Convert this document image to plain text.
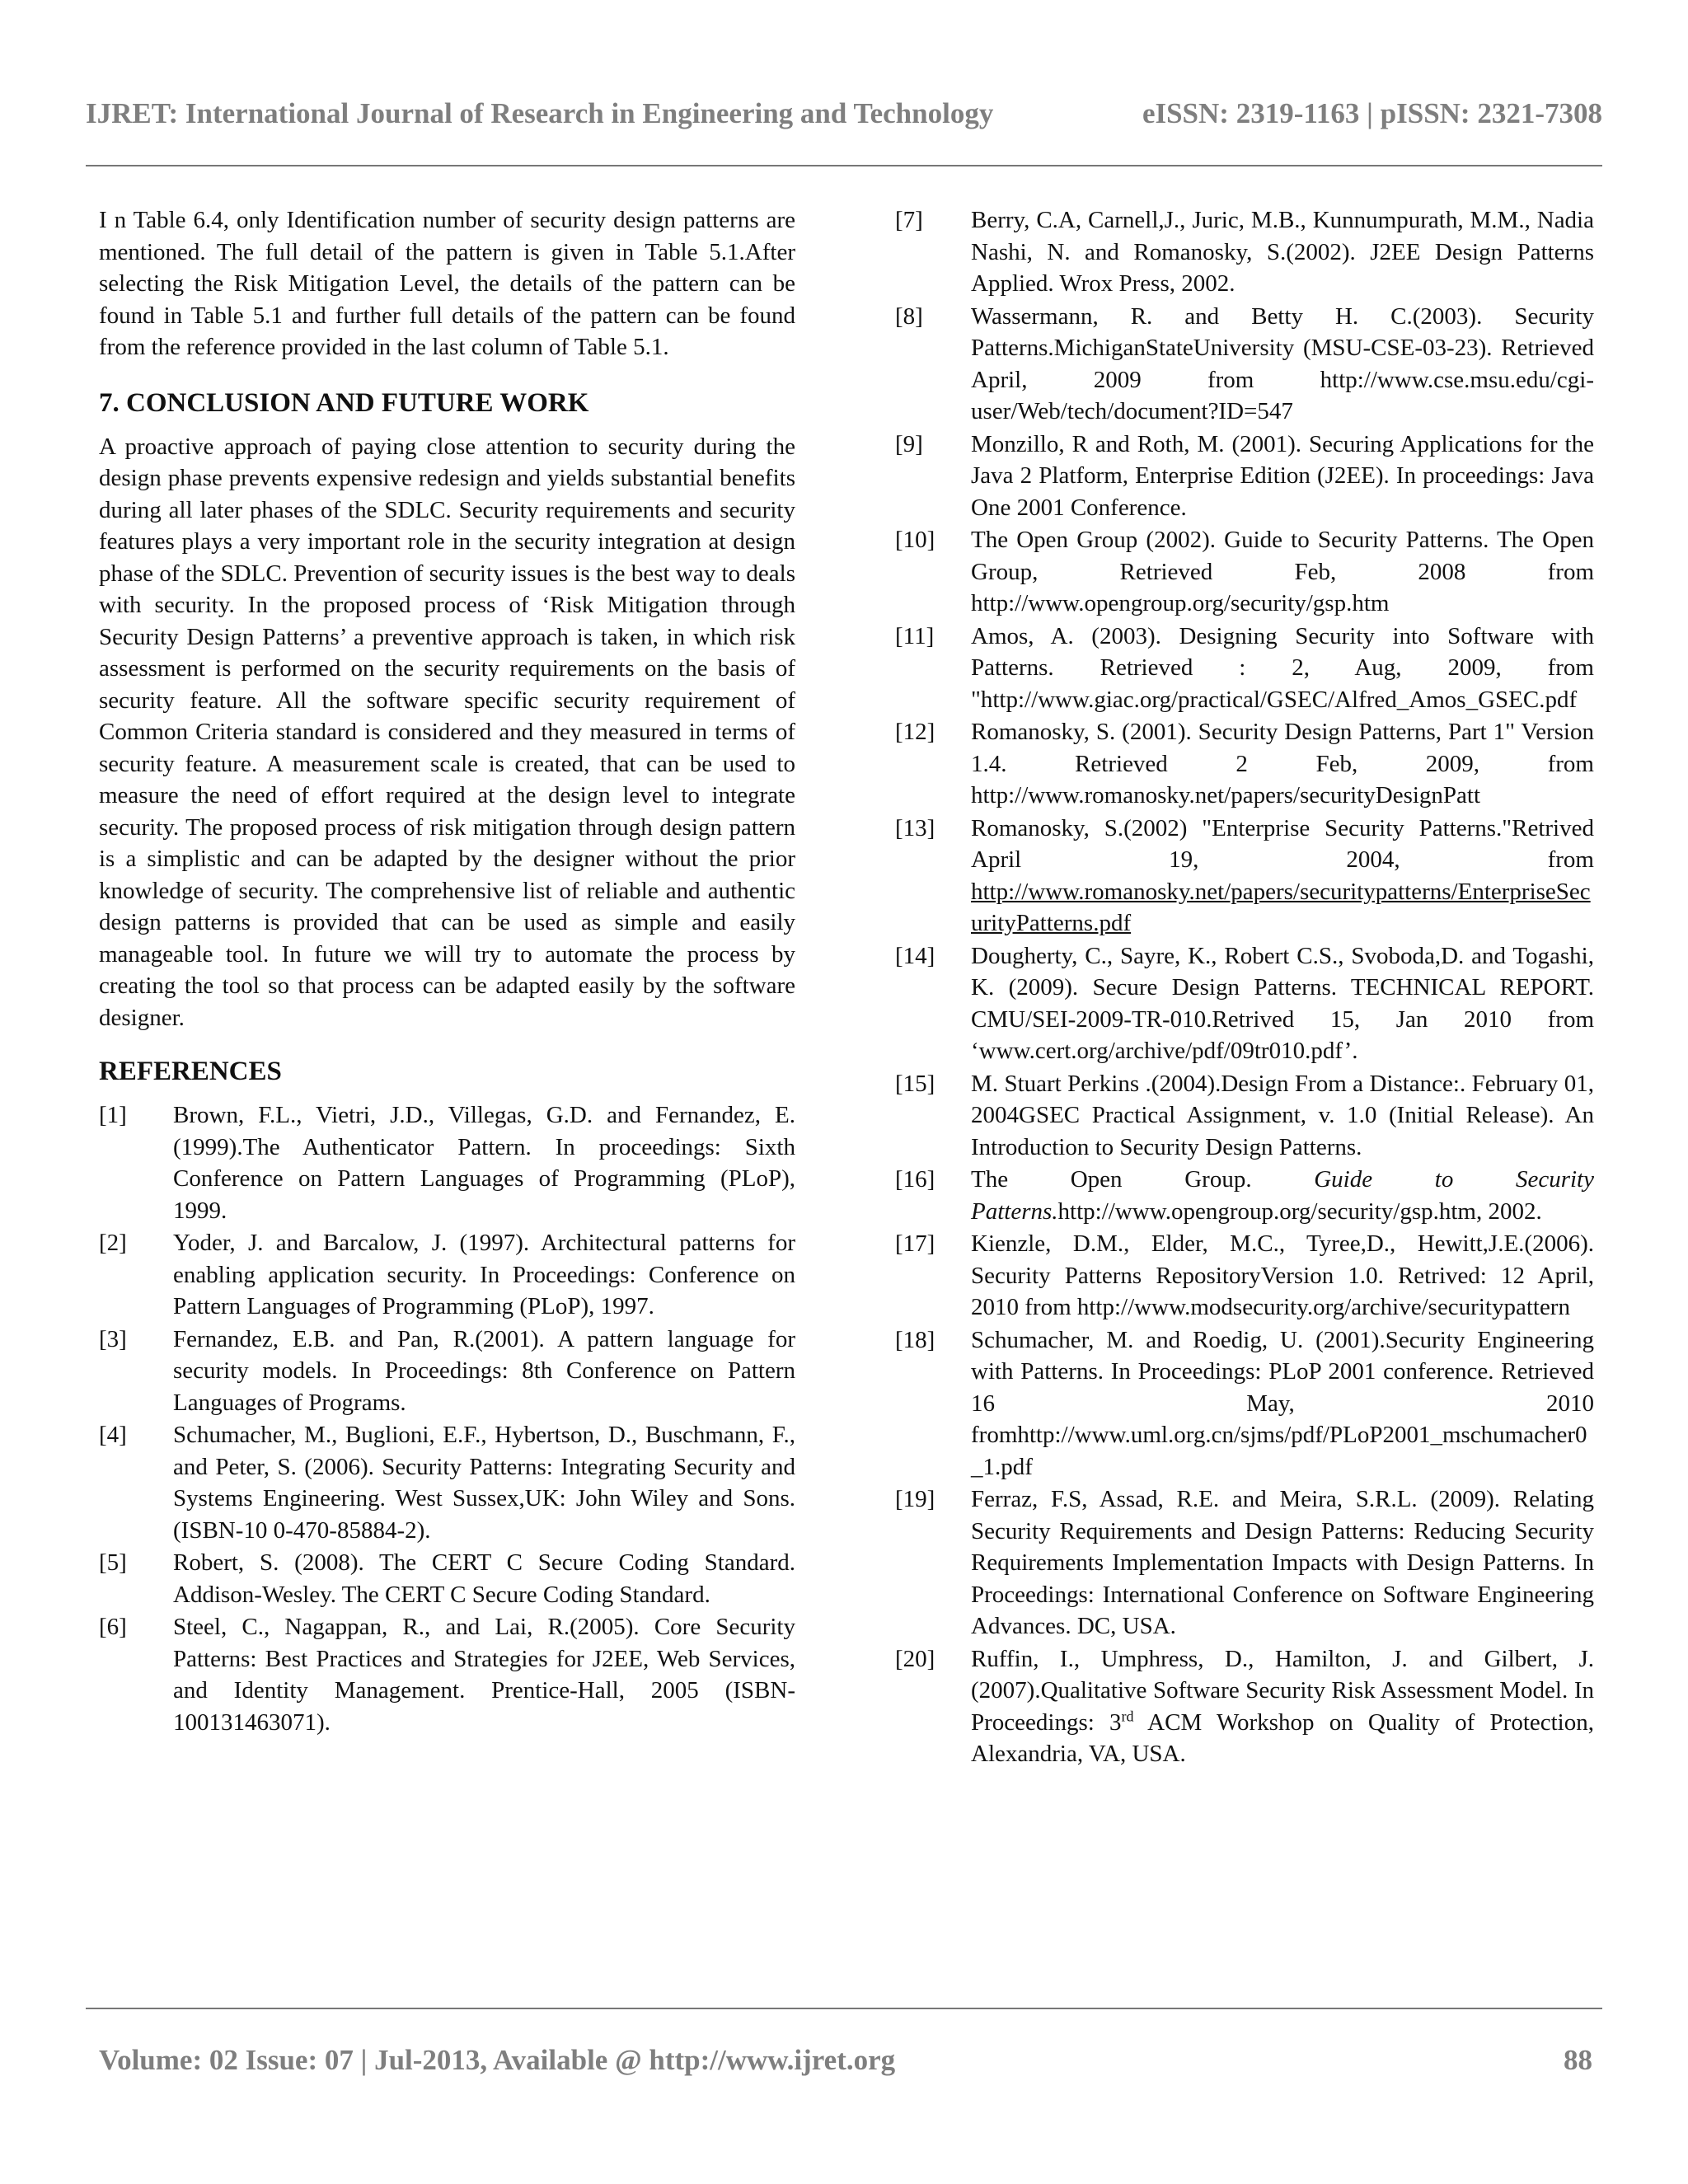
IJRET: International Journal of Research in Engineering and Technology	eISSN: 2319-1163 | pISSN: 2321-7308

I n Table 6.4, only Identification number of security design patterns are mentioned. The full detail of the pattern is given in Table 5.1.After selecting the Risk Mitigation Level, the details of the pattern can be found in Table 5.1 and further full details of the pattern can be found from the reference provided in the last column of Table 5.1.

7. CONCLUSION AND FUTURE WORK

A proactive approach of paying close attention to security during the design phase prevents expensive redesign and yields substantial benefits during all later phases of the SDLC. Security requirements and security features plays a very important role in the security integration at design phase of the SDLC. Prevention of security issues is the best way to deals with security. In the proposed process of ‘Risk Mitigation through Security Design Patterns’ a preventive approach is taken, in which risk assessment is performed on the security requirements on the basis of security feature. All the software specific security requirement of Common Criteria standard is considered and they measured in terms of security feature. A measurement scale is created, that can be used to measure the need of effort required at the design level to integrate security. The proposed process of risk mitigation through design pattern is a simplistic and can be adapted by the designer without the prior knowledge of security. The comprehensive list of reliable and authentic design patterns is provided that can be used as simple and easily manageable tool. In future we will try to automate the process by creating the tool so that process can be adapted easily by the software designer.

REFERENCES
[1]	Brown, F.L., Vietri, J.D., Villegas, G.D. and Fernandez, E. (1999).The Authenticator Pattern. In proceedings: Sixth Conference on Pattern Languages of Programming (PLoP), 1999.
[2]	Yoder, J. and Barcalow, J. (1997). Architectural patterns for enabling application security. In Proceedings: Conference on Pattern Languages of Programming (PLoP), 1997.
[3]	Fernandez, E.B. and Pan, R.(2001). A pattern language for security models. In Proceedings: 8th Conference on Pattern Languages of Programs.
[4]	Schumacher, M., Buglioni, E.F., Hybertson, D., Buschmann, F., and Peter, S. (2006). Security Patterns: Integrating Security and Systems Engineering. West Sussex,UK: John Wiley and Sons. (ISBN-10 0-470-85884-2).
[5]	Robert, S. (2008). The CERT C Secure Coding Standard. Addison-Wesley. The CERT C Secure Coding Standard.
[6]	Steel, C., Nagappan, R., and Lai, R.(2005). Core Security Patterns: Best Practices and Strategies for J2EE, Web Services, and Identity Management. Prentice-Hall, 2005 (ISBN-100131463071).
[7]	Berry, C.A, Carnell,J., Juric, M.B., Kunnumpurath, M.M., Nadia Nashi, N. and Romanosky, S.(2002). J2EE Design Patterns Applied. Wrox Press, 2002.
[8]	Wassermann, R. and Betty H. C.(2003). Security Patterns.MichiganStateUniversity (MSU-CSE-03-23). Retrieved April, 2009 from http://www.cse.msu.edu/cgi-user/Web/tech/document?ID=547
[9]	Monzillo, R and Roth, M. (2001). Securing Applications for the Java 2 Platform, Enterprise Edition (J2EE). In proceedings: Java One 2001 Conference.
[10]	The Open Group (2002). Guide to Security Patterns. The Open Group, Retrieved Feb, 2008 from http://www.opengroup.org/security/gsp.htm
[11]	Amos, A. (2003). Designing Security into Software with Patterns. Retrieved : 2, Aug, 2009, from "http://www.giac.org/practical/GSEC/Alfred_Amos_GSEC.pdf
[12]	Romanosky, S. (2001). Security Design Patterns, Part 1" Version 1.4. Retrieved 2 Feb, 2009, from http://www.romanosky.net/papers/securityDesignPatt
[13]	Romanosky, S.(2002) "Enterprise Security Patterns."Retrived April 19, 2004, from http://www.romanosky.net/papers/securitypatterns/EnterpriseSecurityPatterns.pdf
[14]	Dougherty, C., Sayre, K., Robert C.S., Svoboda,D. and Togashi, K. (2009). Secure Design Patterns. TECHNICAL REPORT. CMU/SEI-2009-TR-010.Retrived 15, Jan 2010 from ‘www.cert.org/archive/pdf/09tr010.pdf’.
[15]	M. Stuart Perkins .(2004).Design From a Distance:. February 01, 2004GSEC Practical Assignment, v. 1.0 (Initial Release). An Introduction to Security Design Patterns.
[16]	The Open Group.	Guide to Security Patterns.http://www.opengroup.org/security/gsp.htm, 2002.
[17]	Kienzle, D.M., Elder, M.C., Tyree,D., Hewitt,J.E.(2006). Security Patterns RepositoryVersion 1.0. Retrived: 12 April, 2010 from http://www.modsecurity.org/archive/securitypattern
[18]	Schumacher, M. and Roedig, U. (2001).Security Engineering with Patterns. In Proceedings: PLoP 2001 conference. Retrieved 16 May, 2010 fromhttp://www.uml.org.cn/sjms/pdf/PLoP2001_mschumacher0_1.pdf
[19]	Ferraz, F.S, Assad, R.E. and Meira, S.R.L. (2009). Relating Security Requirements and Design Patterns: Reducing Security Requirements Implementation Impacts with Design Patterns. In Proceedings: International Conference on Software Engineering Advances. DC, USA.
[20]	Ruffin, I., Umphress, D., Hamilton, J. and Gilbert, J.(2007).Qualitative Software Security Risk Assessment Model. In Proceedings: 3rd ACM Workshop on Quality of Protection, Alexandria, VA, USA.
Volume: 02 Issue: 07 | Jul-2013, Available @ http://www.ijret.org	88
